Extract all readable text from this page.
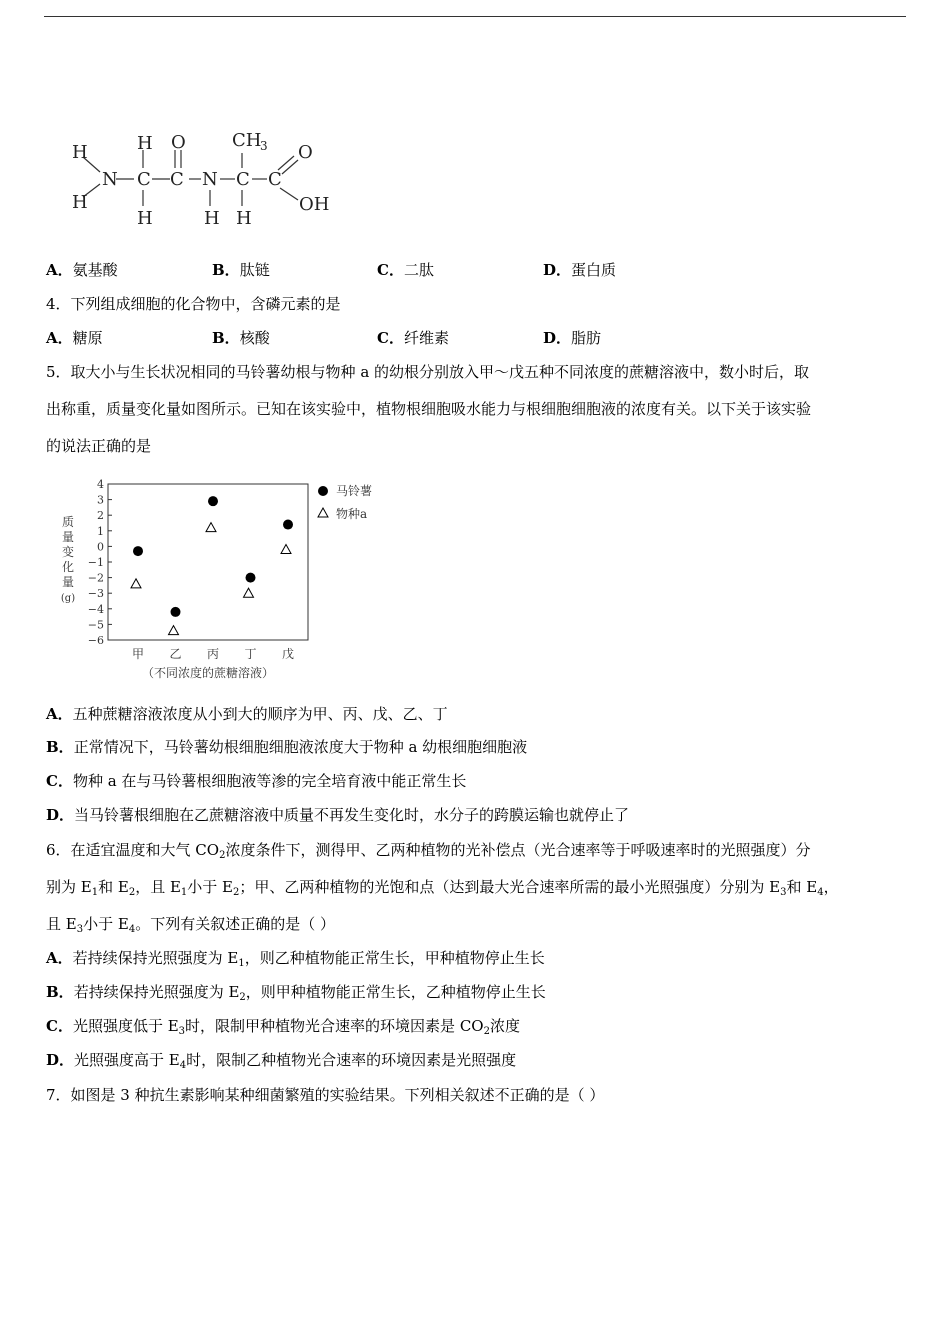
H
H
N C C N C C
H
H	H
O	CH
3
H
O
OH
A．氨基酸	B．肽链	C．二肽	D．蛋白质
4．下列组成细胞的化合物中，含磷元素的是
A．糖原	B．核酸	C．纤维素	D．脂肪
5．取大小与生长状况相同的马铃薯幼根与物种 a 的幼根分别放入甲～戊五种不同浓度的蔗糖溶液中，数小时后，取
出称重，质量变化量如图所示。已知在该实验中，植物根细胞吸水能力与根细胞细胞液的浓度有关。以下关于该实验
的说法正确的是
质
量
变
化
量
(g)
4
3
2
1
0
−1
−2
−3
−4
−5
−6
甲 乙 丙 丁 戊
（不同浓度的蔗糖溶液）
马铃薯
物种a
A．五种蔗糖溶液浓度从小到大的顺序为甲、丙、戊、乙、丁
B．正常情况下，马铃薯幼根细胞细胞液浓度大于物种 a 幼根细胞细胞液
C．物种 a 在与马铃薯根细胞液等渗的完全培育液中能正常生长
D．当马铃薯根细胞在乙蔗糖溶液中质量不再发生变化时，水分子的跨膜运输也就停止了
6．在适宜温度和大气 $CO_2$浓度条件下，测得甲、乙两种植物的光补偿点（光合速率等于呼吸速率时的光照强度）分
别为 $E_1$和 $E_2$，且 $E_1$小于 $E_2$；甲、乙两种植物的光饱和点（达到最大光合速率所需的最小光照强度）分别为 $E_3$和 $E_4$，
且 $E_3$小于 $E_4$。下列有关叙述正确的是（ ）
A．若持续保持光照强度为 $E_1$，则乙种植物能正常生长，甲种植物停止生长
B．若持续保持光照强度为 $E_2$，则甲种植物能正常生长，乙种植物停止生长
C．光照强度低于 $E_3$时，限制甲种植物光合速率的环境因素是 $CO_2$浓度
D．光照强度高于 $E_4$时，限制乙种植物光合速率的环境因素是光照强度
7．如图是 3 种抗生素影响某种细菌繁殖的实验结果。下列相关叙述不正确的是（ ）
